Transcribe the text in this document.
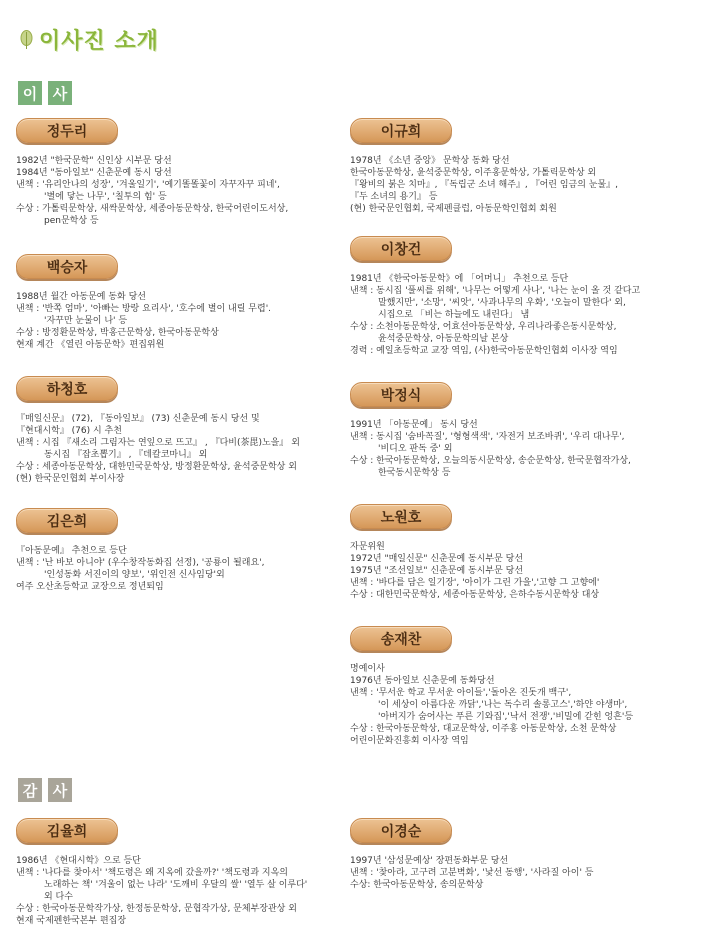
이사진 소개
이	사
감	사
정두리
1982년 "한국문학" 신인상 시부문 당선
1984년 "동아일보" 신춘문예 동시 당선
낸책 : '유리안나의 성장', '겨울일기', '예기똘똘꽃이 자꾸자꾸 피네',
'별에 닿는 나무', '칠투의 힘' 등
수상 : 가톨릭문학상, 새싹문학상, 세종아동문학상, 한국어린이도서상,
pen문학상 등
이규희
1978년 《소년 중앙》 문학상 동화 당선
한국아동문학상, 윤석중문학상, 이주홍문학상, 가톨릭문학상 외
『왕비의 붉은 치마』, 『독립군 소녀 해주』, 『어린 임금의 눈물』,
『두 소녀의 용기』 등
(현) 한국문인협회, 국제펜클럽, 아동문학인협회 회원
백승자
1988년 월간 아동문예 동화 당선
낸책 : '반쪽 엄마', '아빠는 방랑 요리사', '호수에 별이 내릴 무렵'.
'자꾸만 눈물이 나' 등
수상 : 방정환문학상, 박홍근문학상, 한국아동문학상
현재 계간 《열린 아동문학》편집위원
이창건
1981년 《한국아동문학》에 「어머니」 추천으로 등단
낸책 : 동시집 '풀씨를 위해', '나무는 어떻게 사나', '나는 눈이 올 것 같다고
말했지만', '소망', '씨앗', '사과나무의 우화', '오늘이 말한다' 외,
시집으로 「비는 하늘에도 내린다」 냄
수상 : 소천아동문학상, 어효선아동문학상, 우리나라좋은동시문학상,
윤석중문학상, 아동문학의날 본상
경력 : 예일초등학교 교장 역임, (사)한국아동문학인협회 이사장 역임
하청호
『매일신문』 (72), 『동아일보』 (73) 신춘문예 동시 당선 및
『현대시학』 (76) 시 추천
낸책 : 시집 『새소리 그림자는 연잎으로 뜨고』 , 『다비(茶毘)노을』 외
동시집 『잡초뽑기』 , 『데칼코마니』 외
수상 : 세종아동문학상, 대한민국문학상, 방정환문학상, 윤석중문학상 외
(현) 한국문인협회 부이사장
박정식
1991년 「아동문예」 동시 당선
낸책 : 동시집 '숨바꼭질', '형형색색', '자전거 보조바퀴', '우리 대나무',
'비디오 판독 중' 외
수상 : 한국아동문학상, 오늘의동시문학상, 송순문학상, 한국문협작가상,
한국동시문학상 등
김은희
『아동문예』 추천으로 등단
낸책 : '난 바보 아니야' (우수창작동화집 선정), '공룡이 될래요',
'인성동화 서진이의 양보', '위인전 신사임당'외
여주 오산초등학교 교장으로 정년퇴임
노원호
자문위원
1972년 "매일신문" 신춘문예 동시부문 당선
1975년 "조선일보" 신춘문예 동시부문 당선
낸책 : '바다를 담은 일기장', '아이가 그린 가을','고향 그 고향에'
수상 : 대한민국문학상, 세종아동문학상, 은하수동시문학상 대상
송재찬
명예이사
1976년 동아일보 신춘문예 동화당선
낸책 : '무서운 학교 무서운 아이들','돌아온 진돗개 백구',
'이 세상이 아름다운 까닭','나는 독수리 솔롱고스','하얀 야생마',
'아버지가 숨어사는 푸른 기와집','낙서 전쟁','비밀에 갇힌 엉흔'등
수상 : 한국아동문학상, 대교문학상, 이주홍 아동문학상, 소천 문학상
어린이문화진흥회 이사장 역임
김율희
1986년 《현대시학》으로 등단
낸책 : '나다를 찾아서' '책도령은 왜 지옥에 갔을까?' '책도령과 지옥의
노래하는 책' '겨울이 없는 나라' '도깨비 우달의 쌀' '열두 살 이루다'
외 다수
수상 : 한국아동문학작가상, 한정동문학상, 문협작가상, 문체부장관상 외
현재 국제펜한국본부 편집장
이경순
1997년 '삼성문예상' 장편동화부문 당선
낸책 : '찾아라, 고구려 고분벽화', '낯선 동행', '사라질 아이' 등
수상: 한국아동문학상, 송의문학상
